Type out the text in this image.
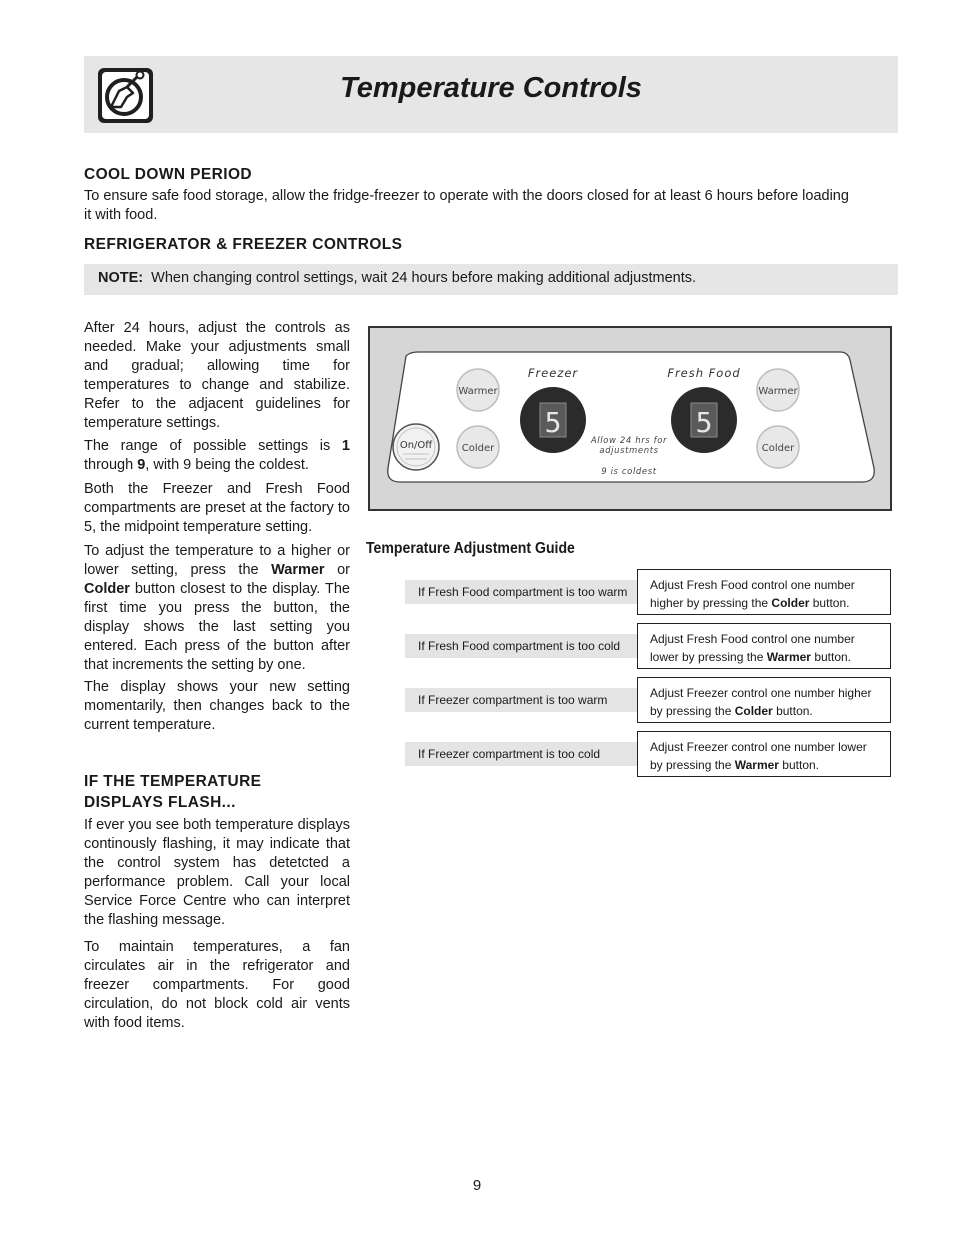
Temperature Controls
COOL DOWN PERIOD
To ensure safe food storage, allow the fridge-freezer to operate with the doors closed for at least 6 hours before loading
it with food.
REFRIGERATOR & FREEZER CONTROLS
NOTE: When changing control settings, wait 24 hours before making additional adjustments.
After 24 hours, adjust the controls as needed. Make your adjustments small and gradual; allowing time for temperatures to change and stabilize. Refer to the adjacent guidelines for temperature settings.
The range of possible settings is 1 through 9, with 9 being the coldest.
Both the Freezer and Fresh Food compartments are preset at the factory to 5, the midpoint temperature setting.
To adjust the temperature to a higher or lower setting, press the Warmer or Colder button closest to the display. The first time you press the button, the display shows the last setting you entered. Each press of the button after that increments the setting by one.
The display shows your new setting momentarily, then changes back to the current temperature.
IF THE TEMPERATURE
DISPLAYS FLASH...
If ever you see both temperature displays continously flashing, it may indicate that the control system has detetcted a performance problem. Call your local Service Force Centre who can interpret the flashing message.
To maintain temperatures, a fan circulates air in the refrigerator and freezer compartments. For good circulation, do not block cold air vents with food items.
Freezer	Fresh Food
Warmer
Colder
Warmer
Colder
On/Off
5	5
Allow 24 hrs for
adjustments
9 is coldest
Temperature Adjustment Guide
If Fresh Food compartment is too warm	Adjust Fresh Food control one number higher by pressing the Colder button.
If Fresh Food compartment is too cold	Adjust Fresh Food control one number lower by pressing the Warmer button.
If Freezer compartment is too warm	Adjust Freezer control one number higher by pressing the Colder button.
If Freezer compartment is too cold	Adjust Freezer control one number lower by pressing the Warmer button.
9
